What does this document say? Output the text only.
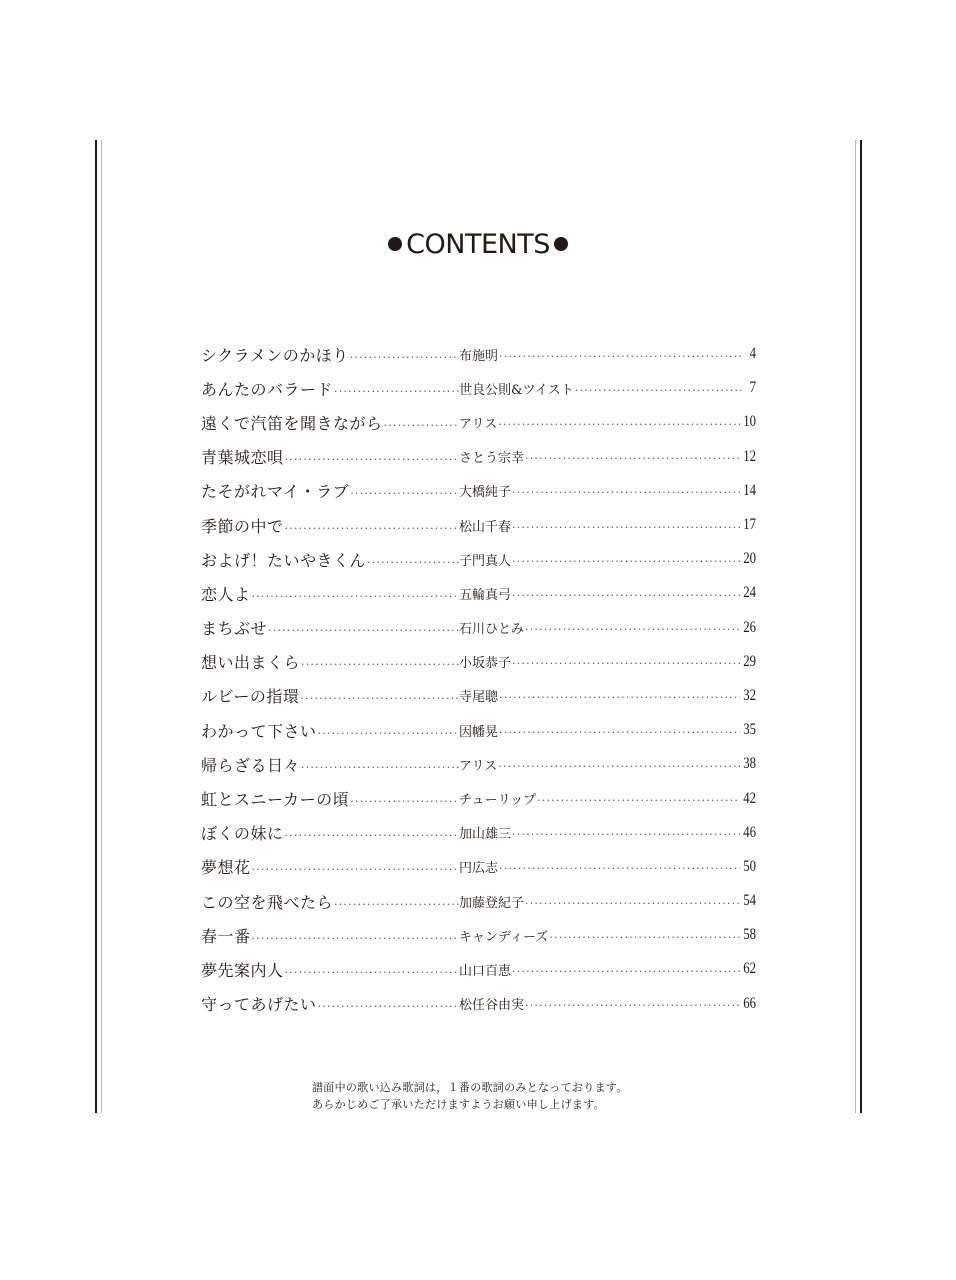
CONTENTS
シクラメンのかほり ·····	布施明 ·····	4
あんたのバラード ·····	世良公則&ツイスト ·····	7
遠くで汽笛を聞きながら ·····	アリス ·····	10
青葉城恋唄 ·····	さとう宗幸 ·····	12
たそがれマイ・ラブ ·····	大橋純子 ·····	14
季節の中で ·····	松山千春 ·····	17
およげ！たいやきくん ·····	子門真人 ·····	20
恋人よ ·····	五輪真弓 ·····	24
まちぶせ ·····	石川ひとみ ·····	26
想い出まくら ·····	小坂恭子 ·····	29
ルビーの指環 ·····	寺尾聰 ·····	32
わかって下さい ·····	因幡晃 ·····	35
帰らざる日々 ·····	アリス ·····	38
虹とスニーカーの頃 ·····	チューリップ ·····	42
ぼくの妹に ·····	加山雄三 ·····	46
夢想花 ·····	円広志 ·····	50
この空を飛べたら ·····	加藤登紀子 ·····	54
春一番 ·····	キャンディーズ ·····	58
夢先案内人 ·····	山口百恵 ·····	62
守ってあげたい ·····	松任谷由実 ·····	66
譜面中の歌い込み歌詞は，１番の歌詞のみとなっております。
あらかじめご了承いただけますようお願い申し上げます。
